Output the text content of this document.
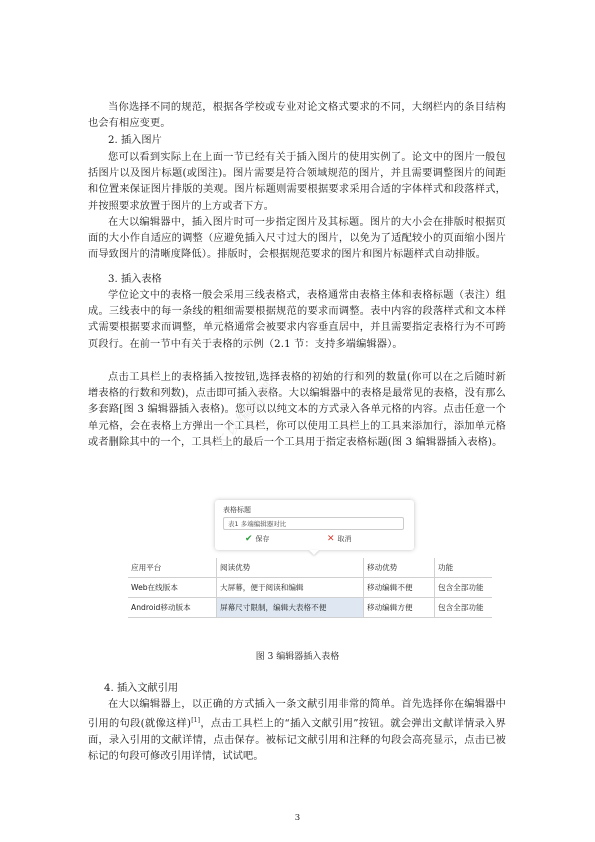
当你选择不同的规范，根据各学校或专业对论文格式要求的不同，大纲栏内的条目结构也会有相应变更。

2. 插入图片

您可以看到实际上在上面一节已经有关于插入图片的使用实例了。论文中的图片一般包括图片以及图片标题(或图注)。图片需要是符合领域规范的图片，并且需要调整图片的间距和位置来保证图片排版的美观。图片标题则需要根据要求采用合适的字体样式和段落样式，并按照要求放置于图片的上方或者下方。

在大以编辑器中，插入图片时可一步指定图片及其标题。图片的大小会在排版时根据页面的大小作自适应的调整（应避免插入尺寸过大的图片，以免为了适配较小的页面缩小图片而导致图片的清晰度降低）。排版时，会根据规范要求的图片和图片标题样式自动排版。

3. 插入表格

学位论文中的表格一般会采用三线表格式，表格通常由表格主体和表格标题（表注）组成。三线表中的每一条线的粗细需要根据规范的要求而调整。表中内容的段落样式和文本样式需要根据要求而调整，单元格通常会被要求内容垂直居中，并且需要指定表格行为不可跨页段行。在前一节中有关于表格的示例（2.1 节：支持多端编辑器）。

点击工具栏上的表格插入按按钮,选择表格的初始的行和列的数量(你可以在之后随时新增表格的行数和列数)，点击即可插入表格。大以编辑器中的表格是最常见的表格，没有那么多套路[图 3 编辑器插入表格)。您可以以纯文本的方式录入各单元格的内容。点击任意一个单元格，会在表格上方弹出一个工具栏，你可以使用工具栏上的工具来添加行，添加单元格或者删除其中的一个，工具栏上的最后一个工具用于指定表格标题(图 3 编辑器插入表格)。

大以编辑器
表格标题
表1 多端编辑器对比
✔ 保存	✕ 取消
应用平台	阅读优势	移动优势	功能
Web在线版本	大屏幕，便于阅读和编辑	移动编辑不便	包含全部功能
Android移动版本	屏幕尺寸限制，编辑大表格不便	移动编辑方便	包含全部功能

图 3 编辑器插入表格

4. 插入文献引用

在大以编辑器上，以正确的方式插入一条文献引用非常的简单。首先选择你在编辑器中引用的句段(就像这样)[1]，点击工具栏上的“插入文献引用”按钮。就会弹出文献详情录入界面，录入引用的文献详情，点击保存。被标记文献引用和注释的句段会高亮显示，点击已被标记的句段可修改引用详情，试试吧。

3
